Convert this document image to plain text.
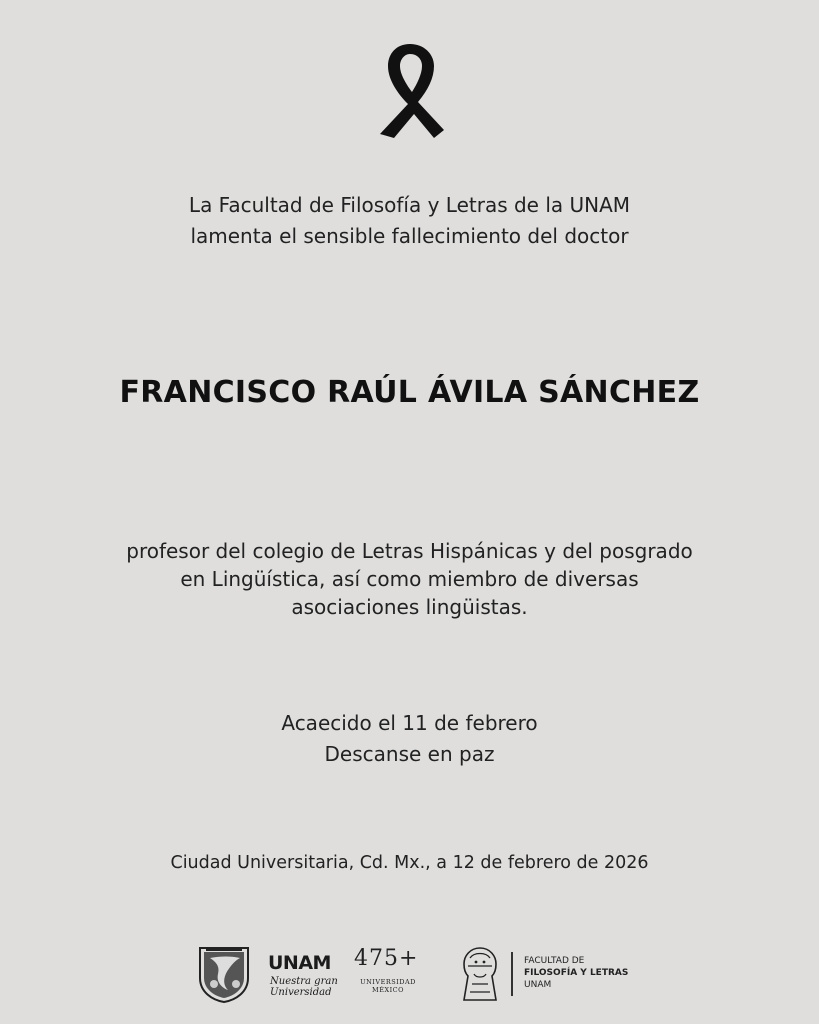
La Facultad de Filosofía y Letras de la UNAM
lamenta el sensible fallecimiento del doctor
FRANCISCO RAÚL ÁVILA SÁNCHEZ
profesor del colegio de Letras Hispánicas y del posgrado
en Lingüística, así como miembro de diversas
asociaciones lingüistas.
Acaecido el 11 de febrero
Descanse en paz
Ciudad Universitaria, Cd. Mx., a 12 de febrero de 2026
UNAM
Nuestra gran
Universidad
475+
UNIVERSIDAD
MÉXICO
FACULTAD DE
FILOSOFÍA Y LETRAS
UNAM
